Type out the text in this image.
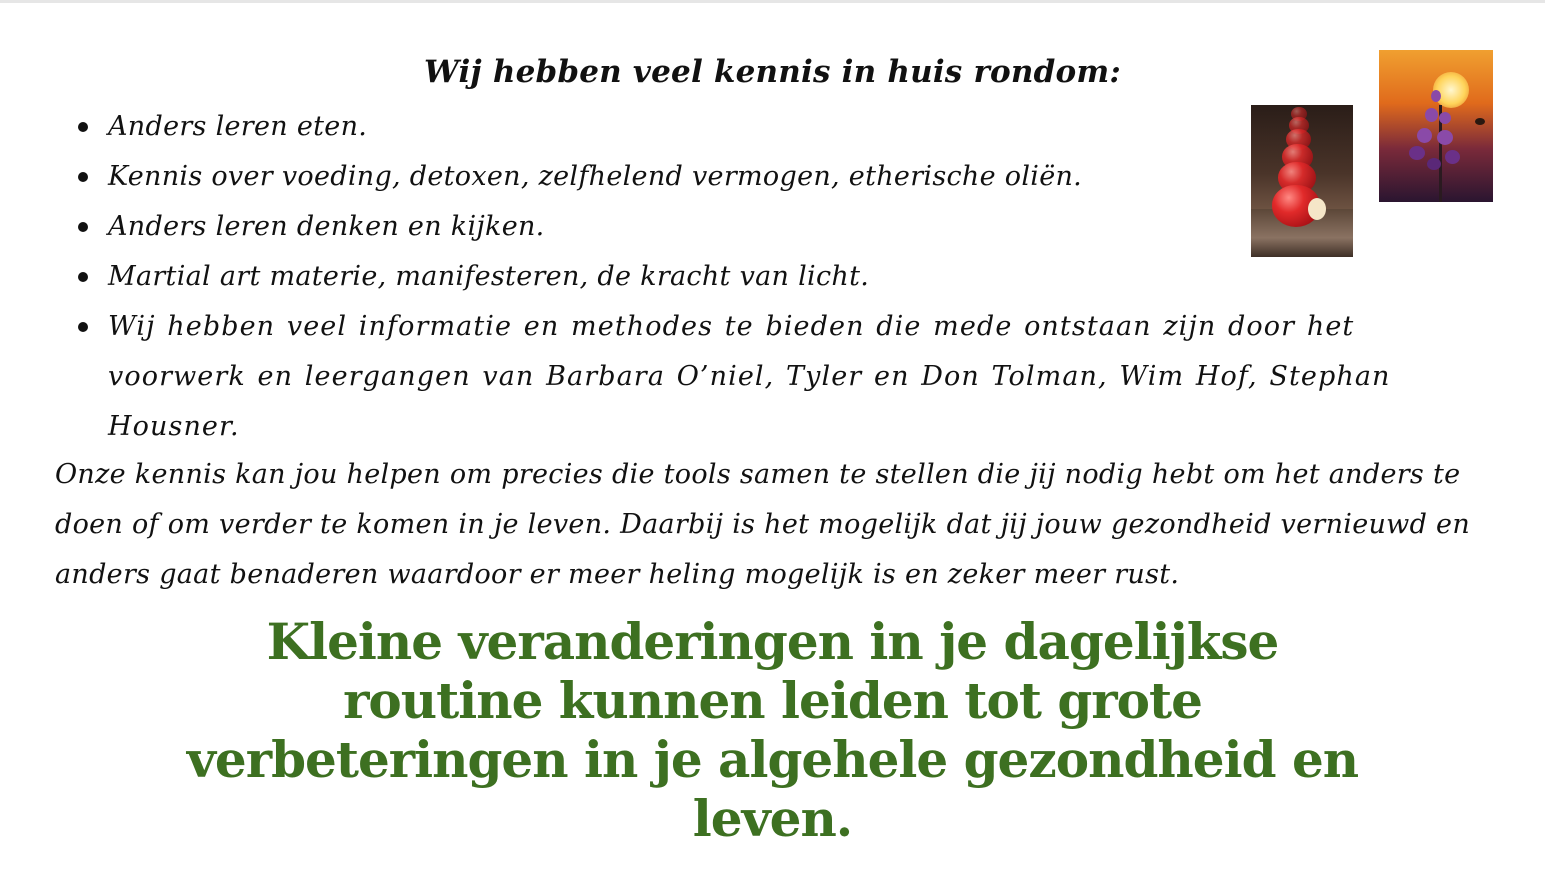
Wij hebben veel kennis in huis rondom:
Anders leren eten.
Kennis over voeding, detoxen, zelfhelend vermogen, etherische oliën.
Anders leren denken en kijken.
Martial art materie, manifesteren, de kracht van licht.
Wij hebben veel informatie en methodes te bieden die mede ontstaan zijn door het voorwerk en leergangen van Barbara O’niel, Tyler en Don Tolman, Wim Hof, Stephan Housner.

Onze kennis kan jou helpen om precies die tools samen te stellen die jij nodig hebt om het anders te doen of om verder te komen in je leven. Daarbij is het mogelijk dat jij jouw gezondheid vernieuwd en anders gaat benaderen waardoor er meer heling mogelijk is en zeker meer rust.

Kleine veranderingen in je dagelijkse routine kunnen leiden tot grote verbeteringen in je algehele gezondheid en leven.
